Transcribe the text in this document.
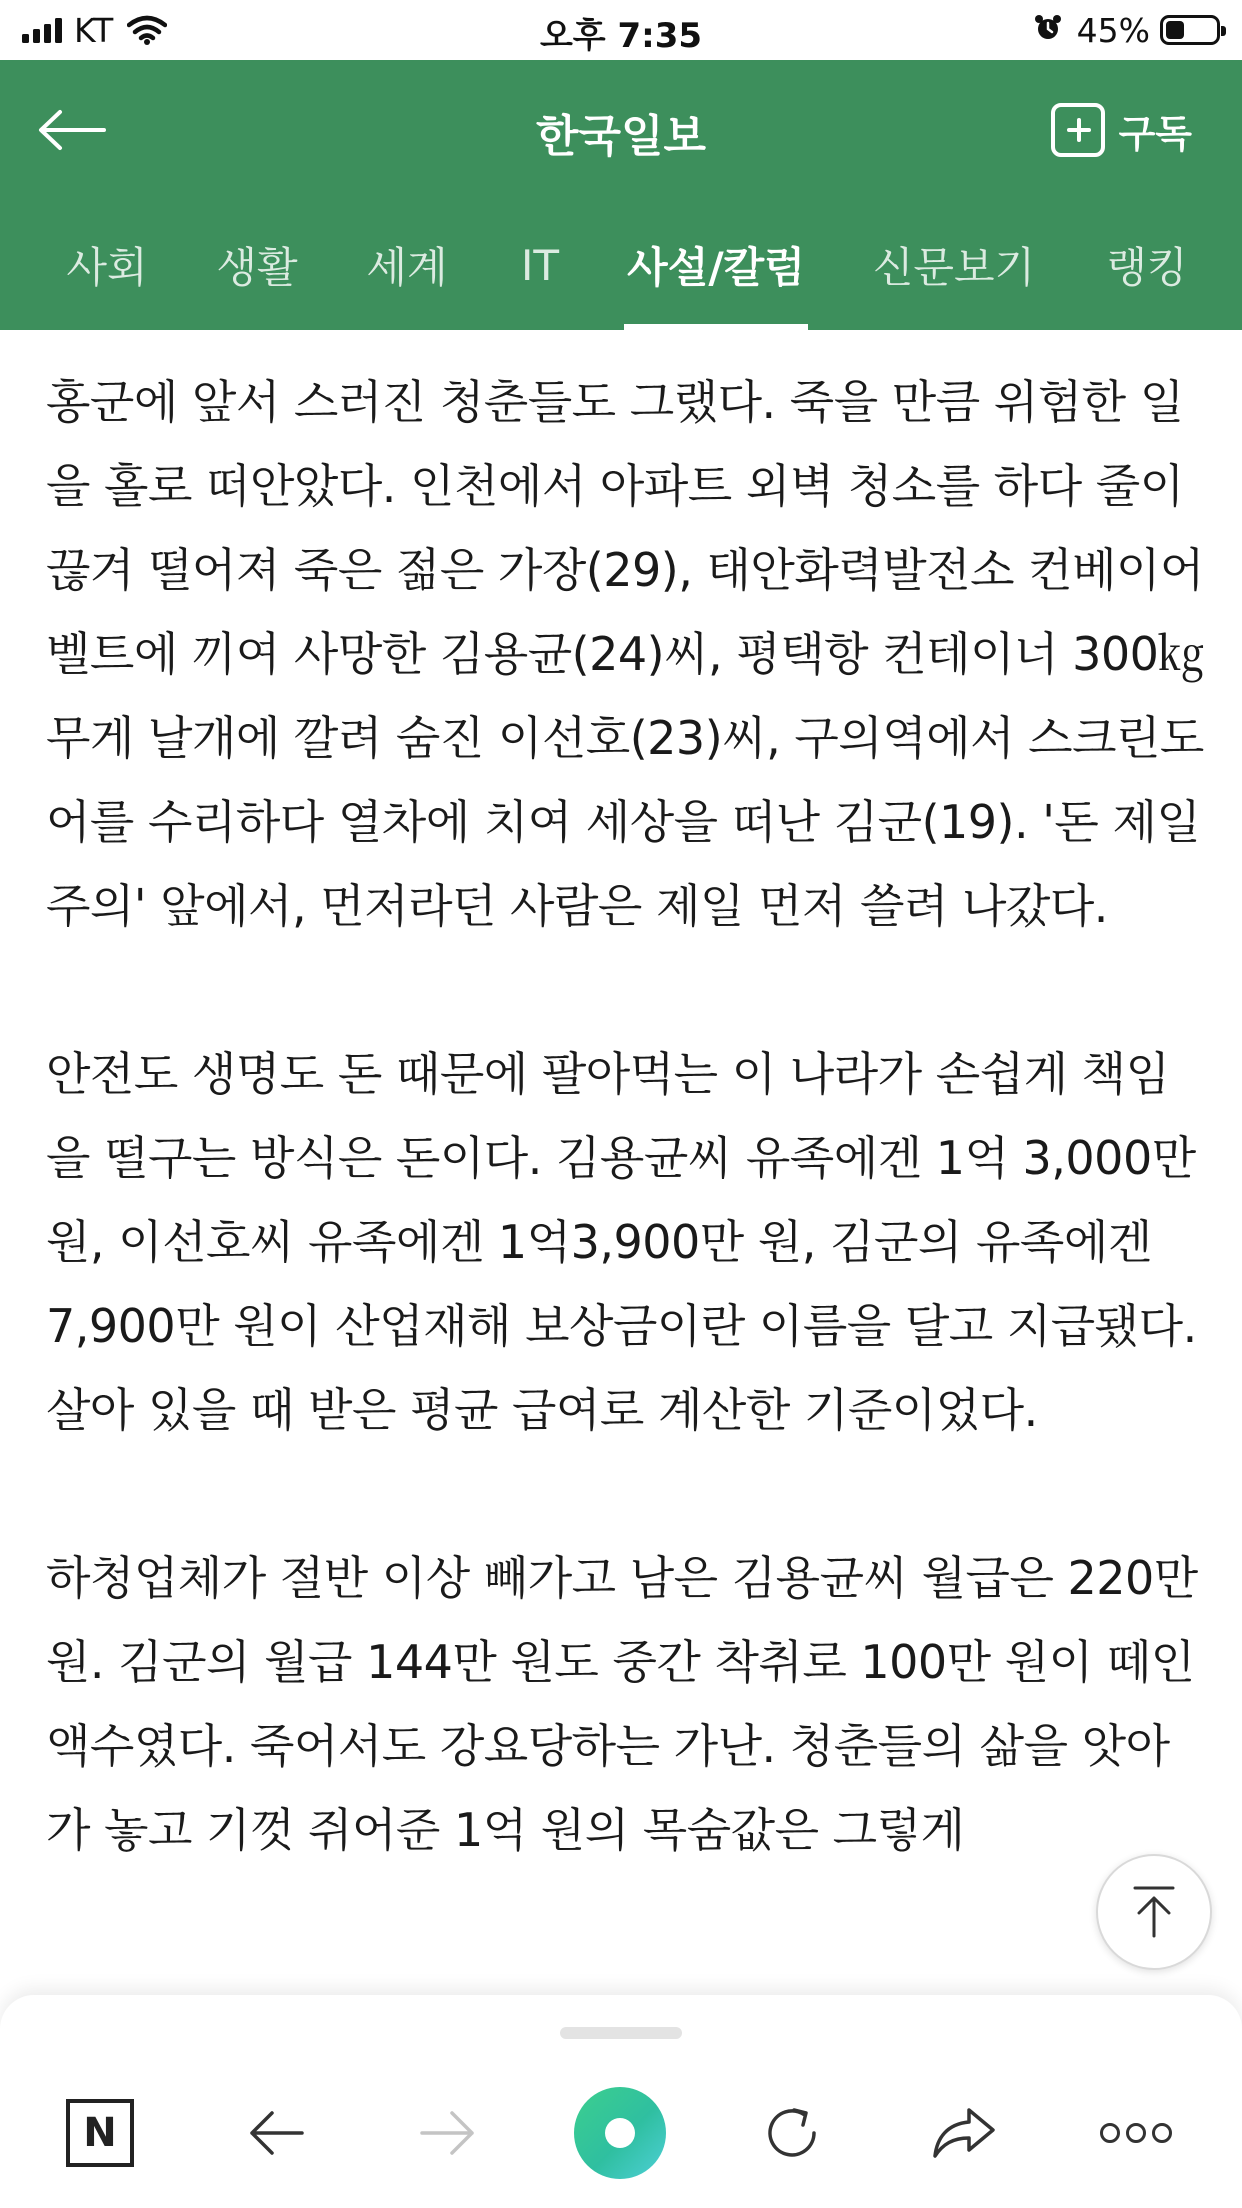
KT	오후 7:35	45%
한국일보	구독
사회	생활	세계	IT	사설/칼럼 신문보기	랭킹

홍군에 앞서 스러진 청춘들도 그랬다. 죽을 만큼 위험한 일을 홀로 떠안았다. 인천에서 아파트 외벽 청소를 하다 줄이 끊겨 떨어져 죽은 젊은 가장(29), 태안화력발전소 컨베이어벨트에 끼여 사망한 김용균(24)씨, 평택항 컨테이너 300㎏ 무게 날개에 깔려 숨진 이선호(23)씨, 구의역에서 스크린도어를 수리하다 열차에 치여 세상을 떠난 김군(19). '돈 제일주의' 앞에서, 먼저라던 사람은 제일 먼저 쓸려 나갔다.

안전도 생명도 돈 때문에 팔아먹는 이 나라가 손쉽게 책임을 떨구는 방식은 돈이다. 김용균씨 유족에겐 1억 3,000만 원, 이선호씨 유족에겐 1억3,900만 원, 김군의 유족에겐 7,900만 원이 산업재해 보상금이란 이름을 달고 지급됐다. 살아 있을 때 받은 평균 급여로 계산한 기준이었다.

하청업체가 절반 이상 빼가고 남은 김용균씨 월급은 220만 원. 김군의 월급 144만 원도 중간 착취로 100만 원이 떼인 액수였다. 죽어서도 강요당하는 가난. 청춘들의 삶을 앗아가 놓고 기껏 쥐어준 1억 원의 목숨값은 그렇게

N
